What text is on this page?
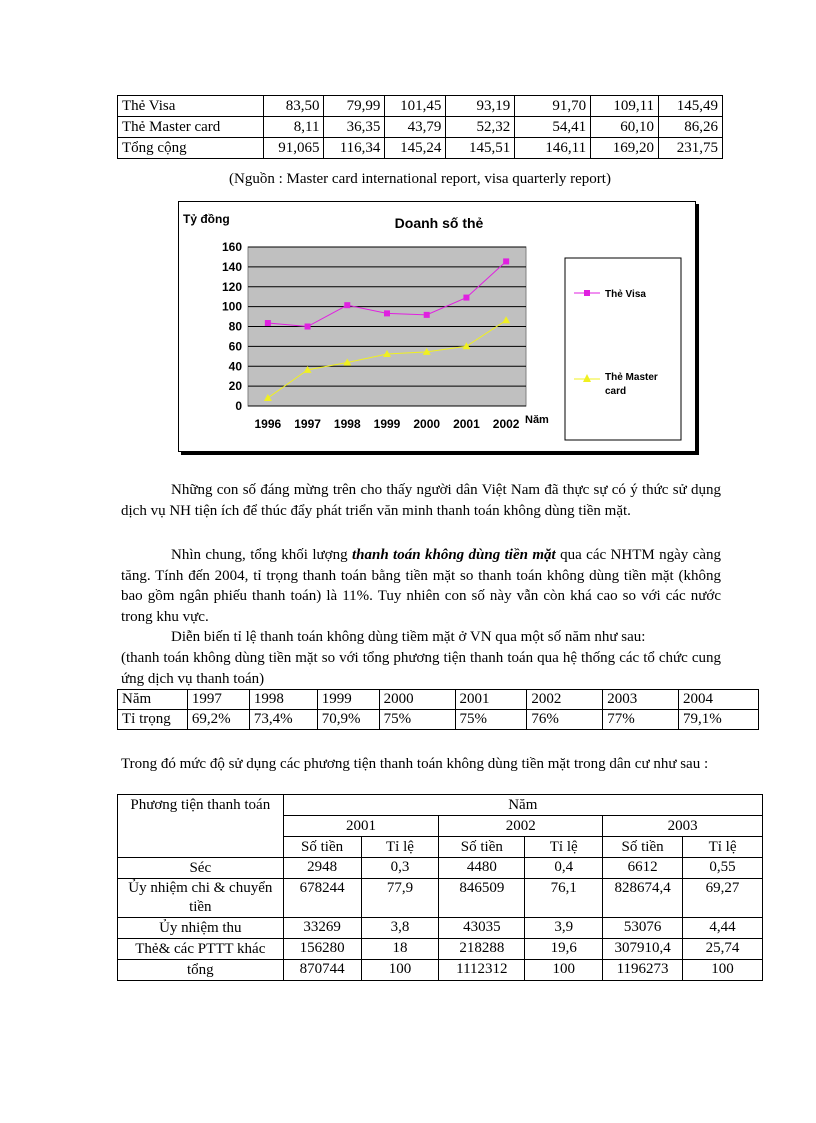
Thẻ Visa	83,50	79,99	101,45	93,19	91,70	109,11	145,49
Thẻ Master card	8,11	36,35	43,79	52,32	54,41	60,10	86,26
Tổng cộng	91,065	116,34	145,24	145,51	146,11	169,20	231,75
(Nguồn : Master card international report, visa quarterly report)
0
20
40
60
80
100
120
140
160
1996 1997 1998 1999 2000 2001 2002
Tỷ đồng	Doanh số thẻ
Năm
Thẻ Visa
Thẻ Master
card

Những con số đáng mừng trên cho thấy người dân Việt Nam đã thực sự có ý thức sử dụng dịch vụ NH tiện ích để thúc đẩy phát triển văn minh thanh toán không dùng tiền mặt.

Nhìn chung, tổng khối lượng thanh toán không dùng tiền mặt qua các NHTM ngày càng tăng. Tính đến 2004, tỉ trọng thanh toán bằng tiền mặt so thanh toán không dùng tiền mặt (không bao gồm ngân phiếu thanh toán) là 11%. Tuy nhiên con số này vẫn còn khá cao so với các nước trong khu vực.

Diễn biến tỉ lệ thanh toán không dùng tiềm mặt ở VN qua một số năm như sau:

(thanh toán không dùng tiền mặt so với tổng phương tiện thanh toán qua hệ thống các tổ chức cung ứng dịch vụ thanh toán)

Năm	1997	1998	1999	2000	2001	2002	2003	2004
Tỉ trọng	69,2%	73,4%	70,9%	75%	75%	76%	77%	79,1%

Trong đó mức độ sử dụng các phương tiện thanh toán không dùng tiền mặt trong dân cư như sau :

Phương tiện thanh toán	Năm					
	2001		2002		2003	
	Số tiền	Tỉ lệ	Số tiền	Tỉ lệ	Số tiền	Tỉ lệ
Séc	2948	0,3	4480	0,4	6612	0,55
Ủy nhiệm chi & chuyển tiền	678244	77,9	846509	76,1	828674,4	69,27
Ủy nhiệm thu	33269	3,8	43035	3,9	53076	4,44
Thẻ& các PTTT khác	156280	18	218288	19,6	307910,4	25,74
tổng	870744	100	1112312	100	1196273	100
